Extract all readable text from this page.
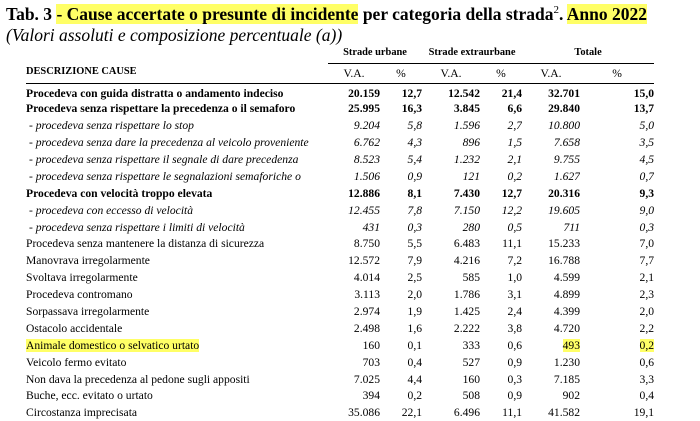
Tab. 3 - Cause accertate o presunte di incidente per categoria della strada$^2$. Anno 2022 (Valori assoluti e composizione percentuale (a))
DESCRIZIONE CAUSE	Strade urbane		Strade extraurbane		Totale	
	V.A.	%	V.A.	%	V.A.	%
Procedeva con guida distratta o andamento indeciso	20.159	12,7	12.542	21,4	32.701	15,0
Procedeva senza rispettare la precedenza o il semaforo	25.995	16,3	3.845	6,6	29.840	13,7
- procedeva senza rispettare lo stop	9.204	5,8	1.596	2,7	10.800	5,0
- procedeva senza dare la precedenza al veicolo proveniente	6.762	4,3	896	1,5	7.658	3,5
- procedeva senza rispettare il segnale di dare precedenza	8.523	5,4	1.232	2,1	9.755	4,5
- procedeva senza rispettare le segnalazioni semaforiche o	1.506	0,9	121	0,2	1.627	0,7
Procedeva con velocità troppo elevata	12.886	8,1	7.430	12,7	20.316	9,3
- procedeva con eccesso di velocità	12.455	7,8	7.150	12,2	19.605	9,0
- procedeva senza rispettare i limiti di velocità	431	0,3	280	0,5	711	0,3
Procedeva senza mantenere la distanza di sicurezza	8.750	5,5	6.483	11,1	15.233	7,0
Manovrava irregolarmente	12.572	7,9	4.216	7,2	16.788	7,7
Svoltava irregolarmente	4.014	2,5	585	1,0	4.599	2,1
Procedeva contromano	3.113	2,0	1.786	3,1	4.899	2,3
Sorpassava irregolarmente	2.974	1,9	1.425	2,4	4.399	2,0
Ostacolo accidentale	2.498	1,6	2.222	3,8	4.720	2,2
Animale domestico o selvatico urtato	160	0,1	333	0,6	493	0,2
Veicolo fermo evitato	703	0,4	527	0,9	1.230	0,6
Non dava la precedenza al pedone sugli appositi	7.025	4,4	160	0,3	7.185	3,3
Buche, ecc. evitato o urtato	394	0,2	508	0,9	902	0,4
Circostanza imprecisata	35.086	22,1	6.496	11,1	41.582	19,1
